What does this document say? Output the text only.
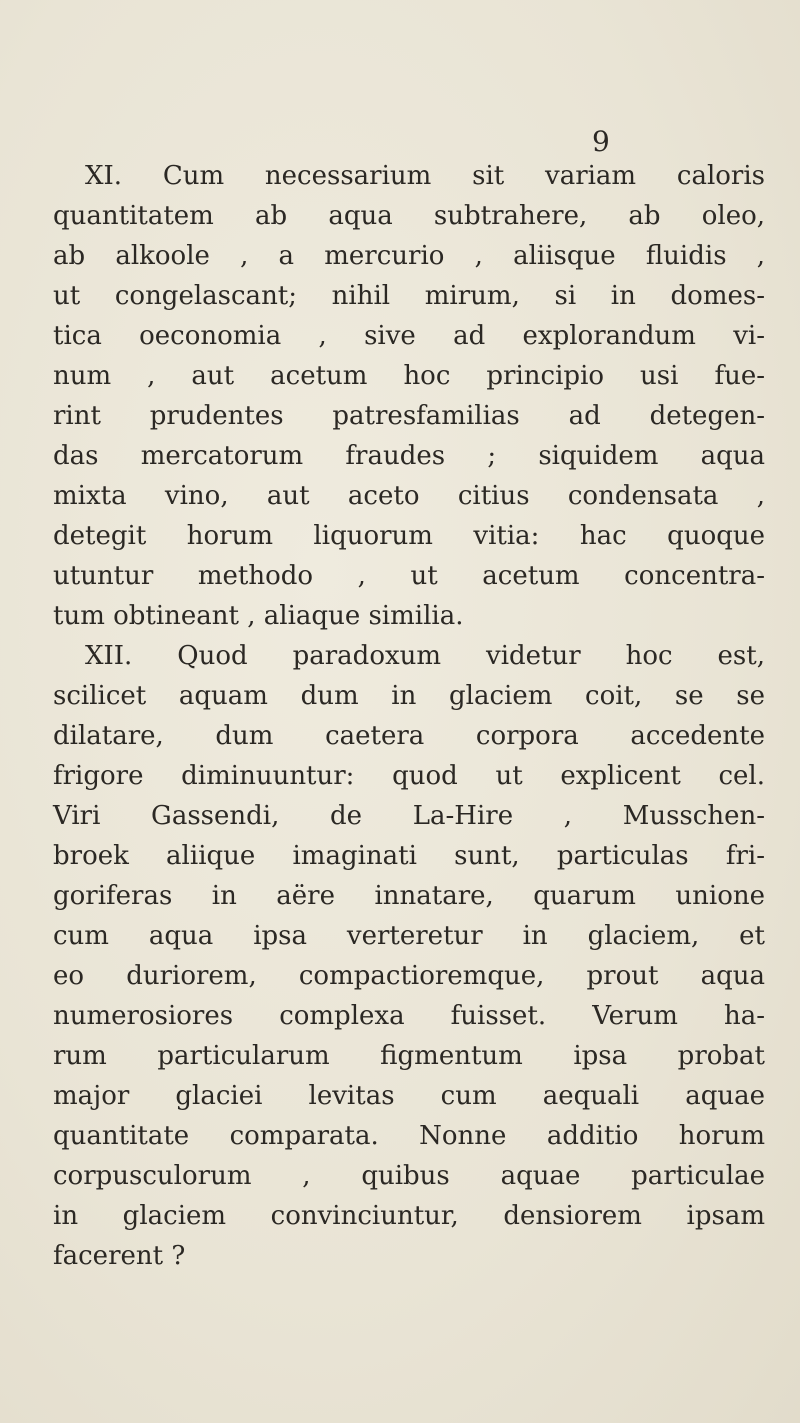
9
XI. Cum necessarium sit variam caloris
quantitatem ab aqua subtrahere, ab oleo,
ab alkoole , a mercurio , aliisque fluidis ,
ut congelascant; nihil mirum, si in domes-
tica oeconomia , sive ad explorandum vi-
num , aut acetum hoc principio usi fue-
rint prudentes patresfamilias ad detegen-
das mercatorum fraudes ; siquidem aqua
mixta vino, aut aceto citius condensata ,
detegit horum liquorum vitia: hac quoque
utuntur methodo , ut acetum concentra-
tum obtineant , aliaque similia.
XII. Quod paradoxum videtur hoc est,
scilicet aquam dum in glaciem coit, se se
dilatare, dum caetera corpora accedente
frigore diminuuntur: quod ut explicent cel.
Viri Gassendi, de La-Hire , Musschen-
broek aliique imaginati sunt, particulas fri-
goriferas in aëre innatare, quarum unione
cum aqua ipsa verteretur in glaciem, et
eo duriorem, compactioremque, prout aqua
numerosiores complexa fuisset. Verum ha-
rum particularum figmentum ipsa probat
major glaciei levitas cum aequali aquae
quantitate comparata. Nonne additio horum
corpusculorum , quibus aquae particulae
in glaciem convinciuntur, densiorem ipsam
facerent ?
